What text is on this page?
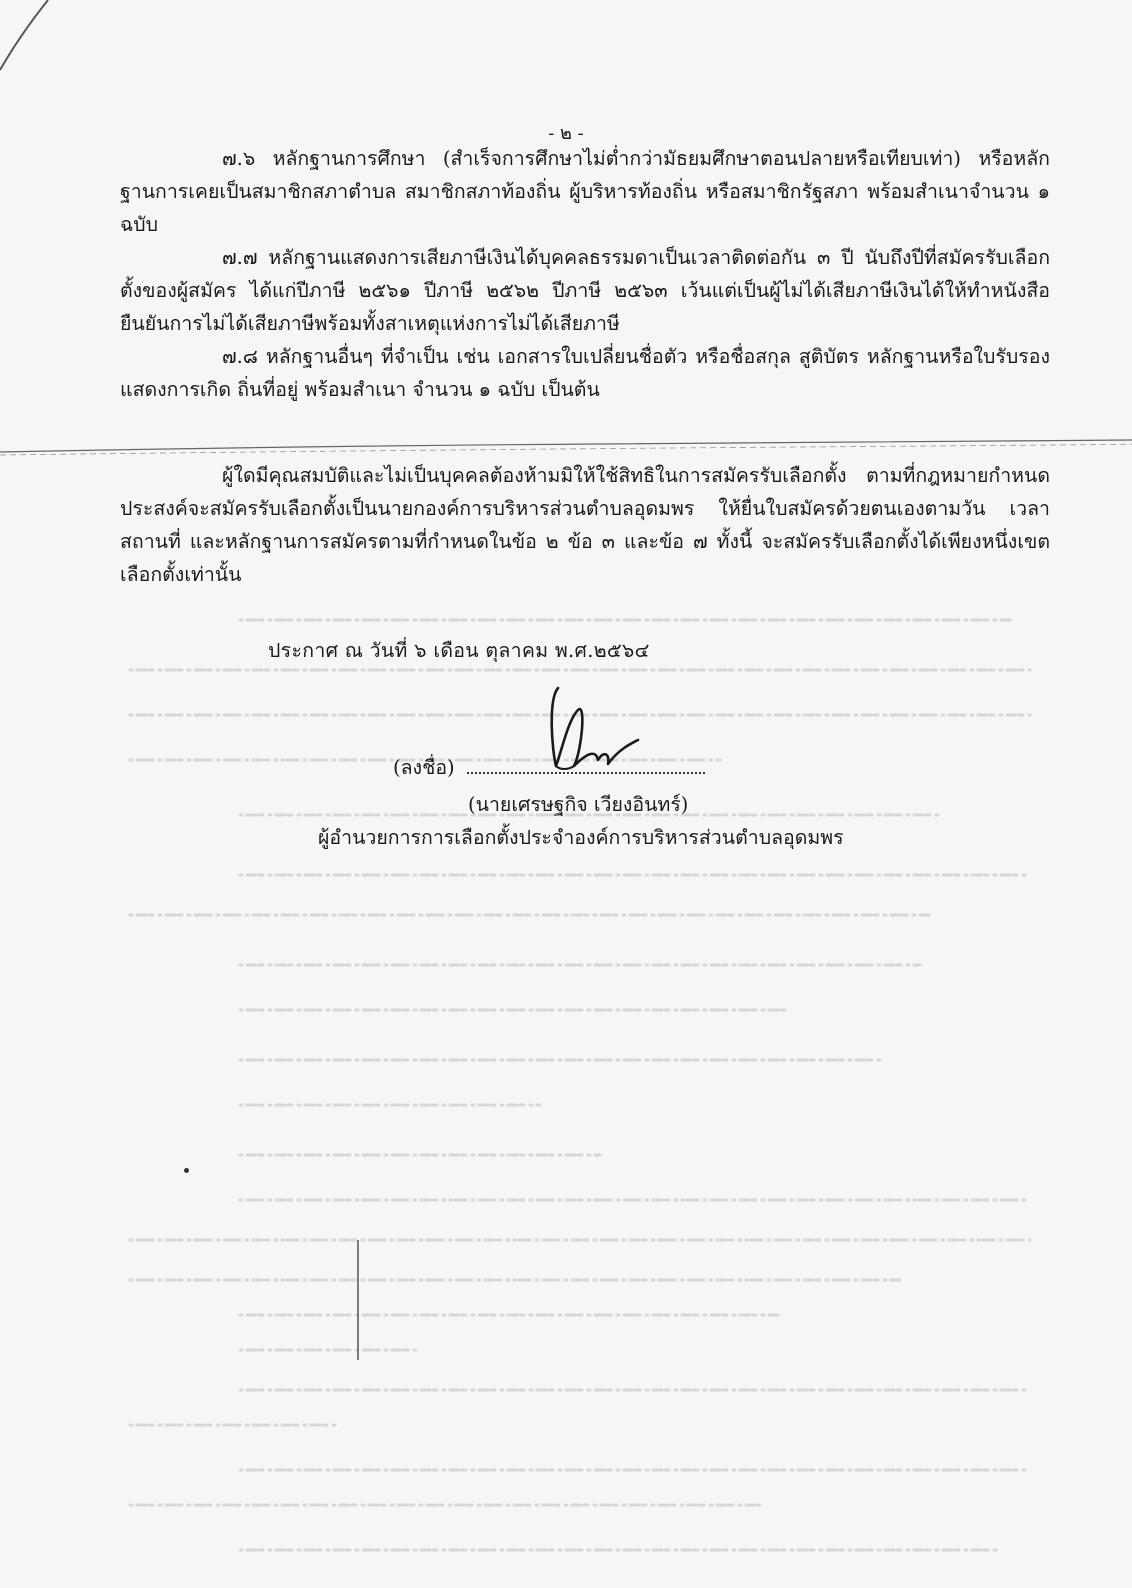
- ๒ -

๗.๖ หลักฐานการศึกษา (สำเร็จการศึกษาไม่ต่ำกว่ามัธยมศึกษาตอนปลายหรือเทียบเท่า) หรือหลักฐานการเคยเป็นสมาชิกสภาตำบล สมาชิกสภาท้องถิ่น ผู้บริหารท้องถิ่น หรือสมาชิกรัฐสภา พร้อมสำเนาจำนวน ๑ ฉบับ

๗.๗ หลักฐานแสดงการเสียภาษีเงินได้บุคคลธรรมดาเป็นเวลาติดต่อกัน ๓ ปี นับถึงปีที่สมัครรับเลือกตั้งของผู้สมัคร ได้แก่ปีภาษี ๒๕๖๑ ปีภาษี ๒๕๖๒ ปีภาษี ๒๕๖๓ เว้นแต่เป็นผู้ไม่ได้เสียภาษีเงินได้ให้ทำหนังสือยืนยันการไม่ได้เสียภาษีพร้อมทั้งสาเหตุแห่งการไม่ได้เสียภาษี

๗.๘ หลักฐานอื่นๆ ที่จำเป็น เช่น เอกสารใบเปลี่ยนชื่อตัว หรือชื่อสกุล สูติบัตร หลักฐานหรือใบรับรองแสดงการเกิด ถิ่นที่อยู่ พร้อมสำเนา จำนวน ๑ ฉบับ เป็นต้น

ผู้ใดมีคุณสมบัติและไม่เป็นบุคคลต้องห้ามมิให้ใช้สิทธิในการสมัครรับเลือกตั้ง ตามที่กฎหมายกำหนด ประสงค์จะสมัครรับเลือกตั้งเป็นนายกองค์การบริหารส่วนตำบลอุดมพร ให้ยื่นใบสมัครด้วยตนเองตามวัน เวลา สถานที่ และหลักฐานการสมัครตามที่กำหนดในข้อ ๒ ข้อ ๓ และข้อ ๗ ทั้งนี้ จะสมัครรับเลือกตั้งได้เพียงหนึ่งเขตเลือกตั้งเท่านั้น

ประกาศ ณ วันที่ ๖ เดือน ตุลาคม พ.ศ.๒๕๖๔
(ลงชื่อ)
(นายเศรษฐกิจ เวียงอินทร์)
ผู้อำนวยการการเลือกตั้งประจำองค์การบริหารส่วนตำบลอุดมพร
